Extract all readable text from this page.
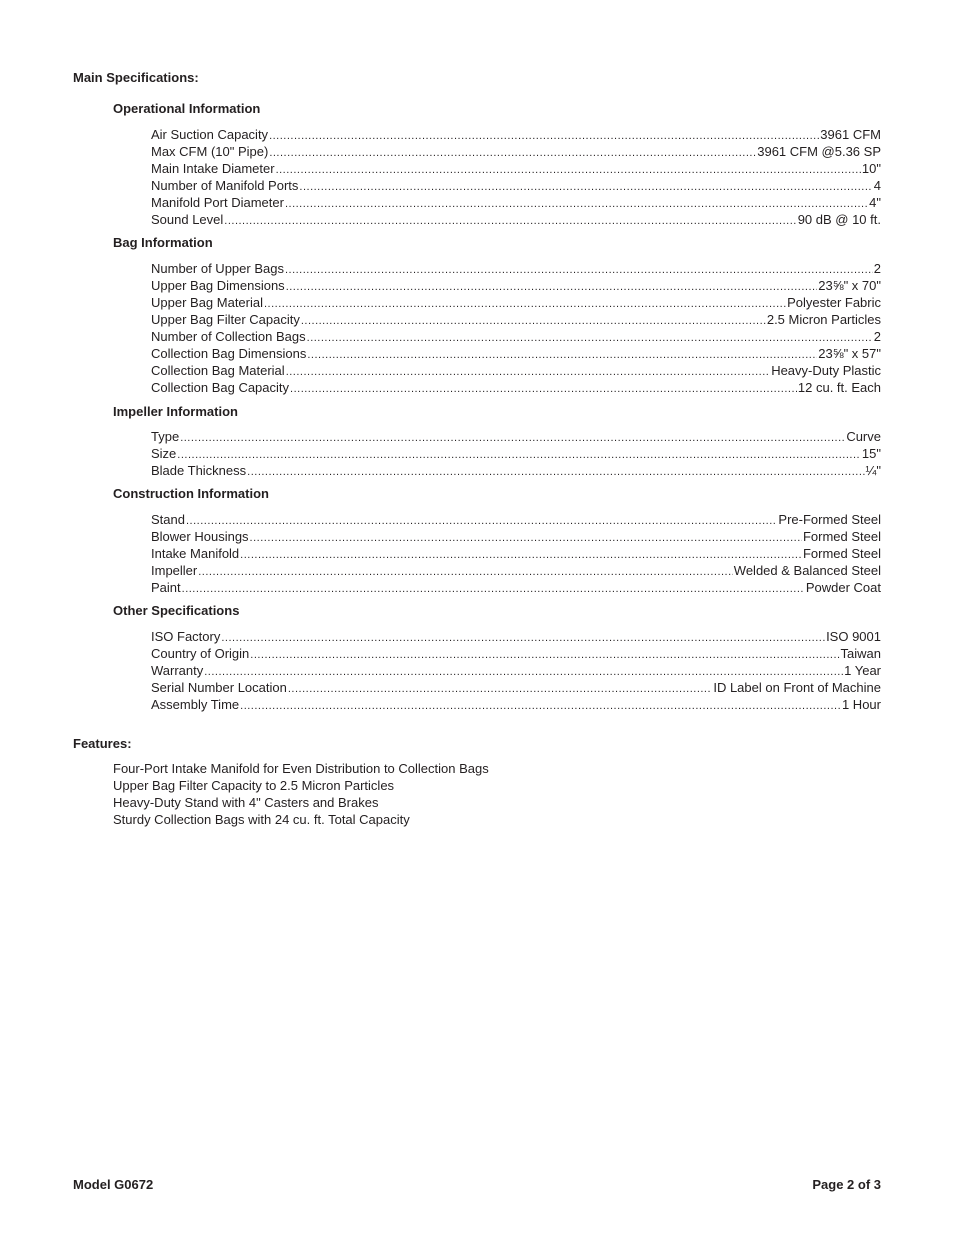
Main Specifications:
Operational Information
Air Suction Capacity .....	3961 CFM
Max CFM (10" Pipe) .....	3961 CFM @5.36 SP
Main Intake Diameter .....	10"
Number of Manifold Ports .....	4
Manifold Port Diameter .....	4"
Sound Level .....	90 dB @ 10 ft.
Bag Information
Number of Upper Bags .....	2
Upper Bag Dimensions .....	23⅝" x 70"
Upper Bag Material .....	Polyester Fabric
Upper Bag Filter Capacity .....	2.5 Micron Particles
Number of Collection Bags .....	2
Collection Bag Dimensions .....	23⅝" x 57"
Collection Bag Material .....	Heavy-Duty Plastic
Collection Bag Capacity .....	12 cu. ft. Each
Impeller Information
Type .....	Curve
Size .....	15"
Blade Thickness .....	¼"
Construction Information
Stand .....	Pre-Formed Steel
Blower Housings .....	Formed Steel
Intake Manifold .....	Formed Steel
Impeller .....	Welded & Balanced Steel
Paint .....	Powder Coat
Other Specifications
ISO Factory .....	ISO 9001
Country of Origin .....	Taiwan
Warranty .....	1 Year
Serial Number Location .....	ID Label on Front of Machine
Assembly Time .....	1 Hour
Features:
Four-Port Intake Manifold for Even Distribution to Collection Bags
Upper Bag Filter Capacity to 2.5 Micron Particles
Heavy-Duty Stand with 4" Casters and Brakes
Sturdy Collection Bags with 24 cu. ft. Total Capacity
Model G0672	Page 2 of 3
